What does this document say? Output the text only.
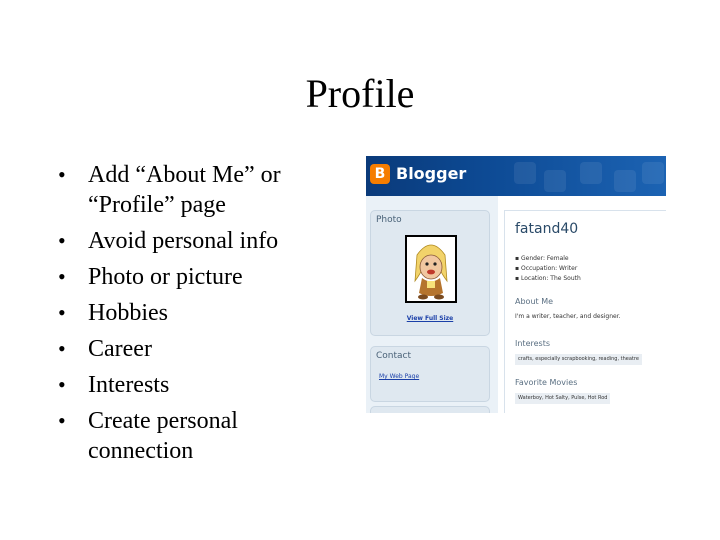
Profile
• Add “About Me” or “Profile” page
• Avoid personal info
• Photo or picture
• Hobbies
• Career
• Interests
• Create personal connection
B Blogger
Photo
View Full Size
Contact
My Web Page
fatand40
▪ Gender: Female
▪ Occupation: Writer
▪ Location: The South
About Me
I'm a writer, teacher, and designer.
Interests
crafts, especially scrapbooking, reading, theatre
Favorite Movies
Waterboy, Hot Salty, Pulse, Hot Rod
